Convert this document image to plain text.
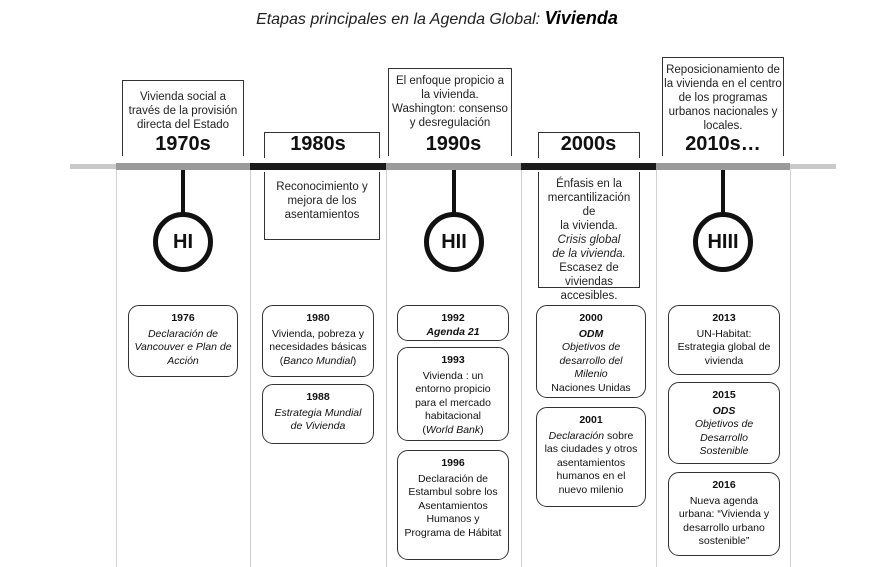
Etapas principales en la Agenda Global: Vivienda
Vivienda social a través de la provisión directa del Estado
1970s	1980s
Reconocimiento y mejora de los asentamientos
El enfoque propicio a la vivienda. Washington: consenso y desregulación
1990s	2000s
Énfasis en la
mercantilización de
la vivienda.
Crisis global
de la vivienda.
Escasez de
viviendas
accesibles.
Reposicionamiento de la vivienda en el centro de los programas urbanos nacionales y locales.
2010s…
HI	HII	HIII
1976
Declaración de
Vancouver e Plan de
Acción
1980
Vivienda, pobreza y
necesidades básicas
(Banco Mundial)
1988
Estrategia Mundial
de Vivienda
1992
Agenda 21
1993
Vivienda : un
entorno propicio
para el mercado
habitacional
(World Bank)
1996
Declaración de
Estambul sobre los
Asentamientos
Humanos y
Programa de Hábitat
2000
ODM
Objetivos de
desarrollo del
Milenio
Naciones Unidas
2001
Declaración sobre
las ciudades y otros
asentamientos
humanos en el
nuevo milenio
2013
UN-Habitat:
Estrategia global de
vivienda
2015
ODS
Objetivos de
Desarrollo
Sostenible
2016
Nueva agenda
urbana: “Vivienda y
desarrollo urbano
sostenible”
